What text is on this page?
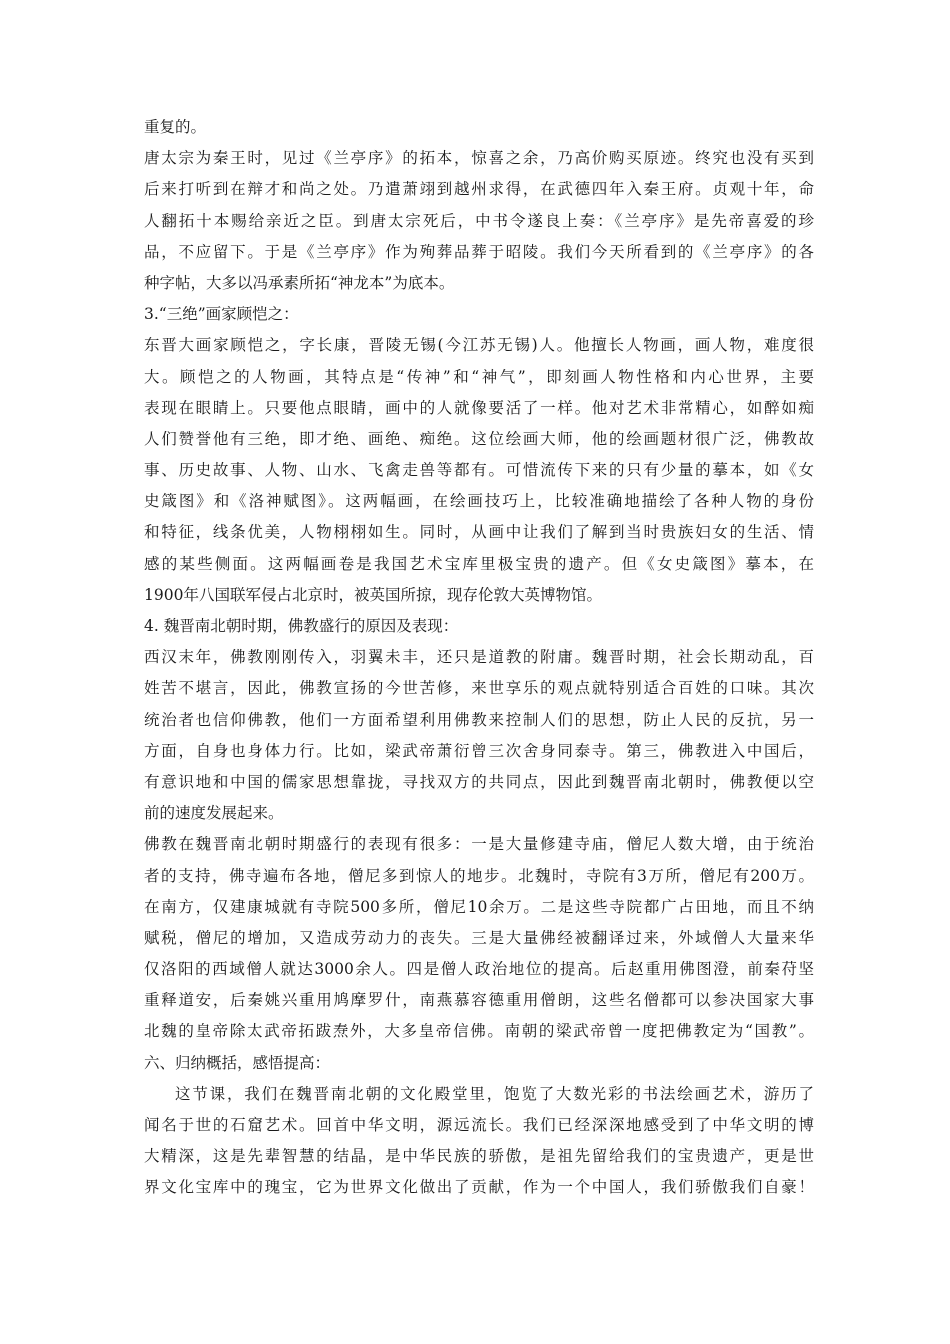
重复的。
唐太宗为秦王时，见过《兰亭序》的拓本，惊喜之余，乃高价购买原迹。终究也没有买到
后来打听到在辩才和尚之处。乃遣萧翊到越州求得，在武德四年入秦王府。贞观十年，命
人翻拓十本赐给亲近之臣。到唐太宗死后，中书令遂良上奏：《兰亭序》是先帝喜爱的珍
品，不应留下。于是《兰亭序》作为殉葬品葬于昭陵。我们今天所看到的《兰亭序》的各
种字帖，大多以冯承素所拓“神龙本”为底本。
3.“三绝”画家顾恺之：
东晋大画家顾恺之，字长康，晋陵无锡(今江苏无锡)人。他擅长人物画，画人物，难度很
大。顾恺之的人物画，其特点是“传神”和“神气”，即刻画人物性格和内心世界，主要
表现在眼睛上。只要他点眼睛，画中的人就像要活了一样。他对艺术非常精心，如醉如痴
人们赞誉他有三绝，即才绝、画绝、痴绝。这位绘画大师，他的绘画题材很广泛，佛教故
事、历史故事、人物、山水、飞禽走兽等都有。可惜流传下来的只有少量的摹本，如《女
史箴图》和《洛神赋图》。这两幅画，在绘画技巧上，比较准确地描绘了各种人物的身份
和特征，线条优美，人物栩栩如生。同时，从画中让我们了解到当时贵族妇女的生活、情
感的某些侧面。这两幅画卷是我国艺术宝库里极宝贵的遗产。但《女史箴图》摹本，在
1900年八国联军侵占北京时，被英国所掠，现存伦敦大英博物馆。
4. 魏晋南北朝时期，佛教盛行的原因及表现：
西汉末年，佛教刚刚传入，羽翼未丰，还只是道教的附庸。魏晋时期，社会长期动乱，百
姓苦不堪言，因此，佛教宣扬的今世苦修，来世享乐的观点就特别适合百姓的口味。其次
统治者也信仰佛教，他们一方面希望利用佛教来控制人们的思想，防止人民的反抗，另一
方面，自身也身体力行。比如，梁武帝萧衍曾三次舍身同泰寺。第三，佛教进入中国后，
有意识地和中国的儒家思想靠拢，寻找双方的共同点，因此到魏晋南北朝时，佛教便以空
前的速度发展起来。
佛教在魏晋南北朝时期盛行的表现有很多：一是大量修建寺庙，僧尼人数大增，由于统治
者的支持，佛寺遍布各地，僧尼多到惊人的地步。北魏时，寺院有3万所，僧尼有200万。
在南方，仅建康城就有寺院500多所，僧尼10余万。二是这些寺院都广占田地，而且不纳
赋税，僧尼的增加，又造成劳动力的丧失。三是大量佛经被翻译过来，外域僧人大量来华
仅洛阳的西域僧人就达3000余人。四是僧人政治地位的提高。后赵重用佛图澄，前秦苻坚
重释道安，后秦姚兴重用鸠摩罗什，南燕慕容德重用僧朗，这些名僧都可以参决国家大事
北魏的皇帝除太武帝拓跋焘外，大多皇帝信佛。南朝的梁武帝曾一度把佛教定为“国教”。
六、归纳概括，感悟提高：
这节课，我们在魏晋南北朝的文化殿堂里，饱览了大数光彩的书法绘画艺术，游历了
闻名于世的石窟艺术。回首中华文明，源远流长。我们已经深深地感受到了中华文明的博
大精深，这是先辈智慧的结晶，是中华民族的骄傲，是祖先留给我们的宝贵遗产，更是世
界文化宝库中的瑰宝，它为世界文化做出了贡献，作为一个中国人，我们骄傲我们自豪！
